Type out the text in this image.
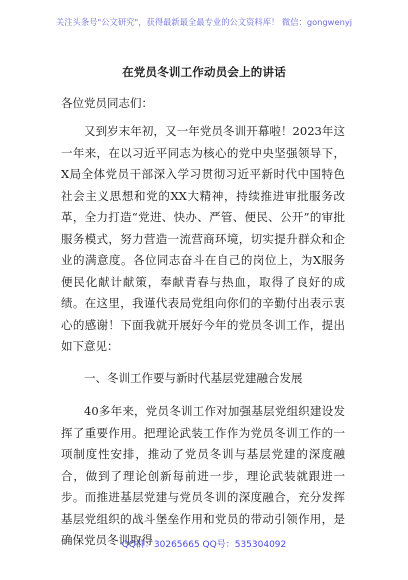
关注头条号"公文研究"，获得最新最全最专业的公文资料库！ 微信：gongwenyj
在党员冬训工作动员会上的讲话
各位党员同志们：

又到岁末年初，又一年党员冬训开幕啦！2023年这一年来，在以习近平同志为核心的党中央坚强领导下，X局全体党员干部深入学习贯彻习近平新时代中国特色社会主义思想和党的XX大精神，持续推进审批服务改革，全力打造“党进、快办、严管、便民、公开”的审批服务模式，努力营造一流营商环境，切实提升群众和企业的满意度。各位同志奋斗在自己的岗位上，为X服务便民化献计献策，奉献青春与热血，取得了良好的成绩。在这里，我谨代表局党组向你们的辛勤付出表示衷心的感谢！下面我就开展好今年的党员冬训工作，提出如下意见：

一、冬训工作要与新时代基层党建融合发展

40多年来，党员冬训工作对加强基层党组织建设发挥了重要作用。把理论武装工作作为党员冬训工作的一项制度性安排，推动了党员冬训与基层党建的深度融合，做到了理论创新每前进一步，理论武装就跟进一步。而推进基层党建与党员冬训的深度融合，充分发挥基层党组织的战斗堡垒作用和党员的带动引领作用，是确保党员冬训取得

QQ群：30265665 QQ号：535304092
